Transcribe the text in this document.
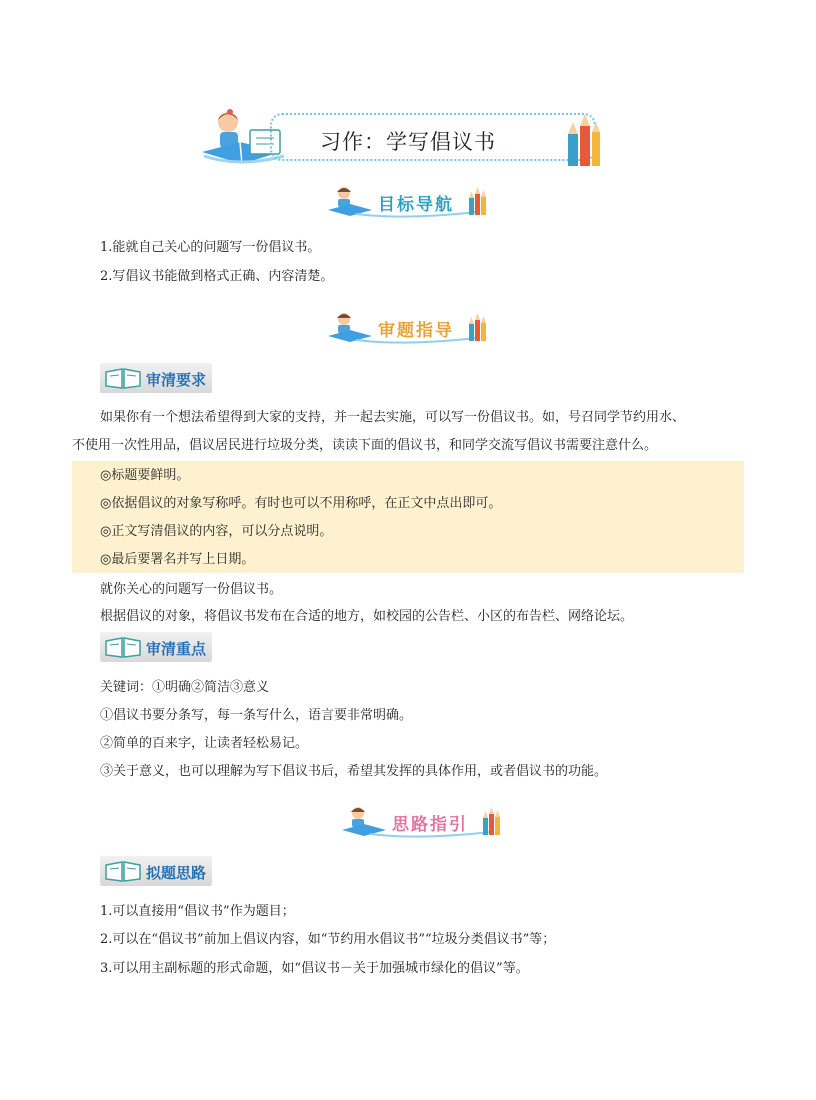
习作：学写倡议书
目标导航
1.能就自己关心的问题写一份倡议书。
2.写倡议书能做到格式正确、内容清楚。
审题指导
审清要求
如果你有一个想法希望得到大家的支持，并一起去实施，可以写一份倡议书。如，号召同学节约用水、
不使用一次性用品，倡议居民进行垃圾分类，读读下面的倡议书，和同学交流写倡议书需要注意什么。
◎标题要鲜明。
◎依据倡议的对象写称呼。有时也可以不用称呼，在正文中点出即可。
◎正文写清倡议的内容，可以分点说明。
◎最后要署名并写上日期。
就你关心的问题写一份倡议书。
根据倡议的对象，将倡议书发布在合适的地方，如校园的公告栏、小区的布告栏、网络论坛。
审清重点
关键词：①明确②简洁③意义
①倡议书要分条写，每一条写什么，语言要非常明确。
②简单的百来字，让读者轻松易记。
③关于意义，也可以理解为写下倡议书后，希望其发挥的具体作用，或者倡议书的功能。
思路指引
拟题思路
1.可以直接用“倡议书”作为题目；
2.可以在“倡议书”前加上倡议内容，如“节约用水倡议书”“垃圾分类倡议书”等；
3.可以用主副标题的形式命题，如“倡议书－关于加强城市绿化的倡议”等。
